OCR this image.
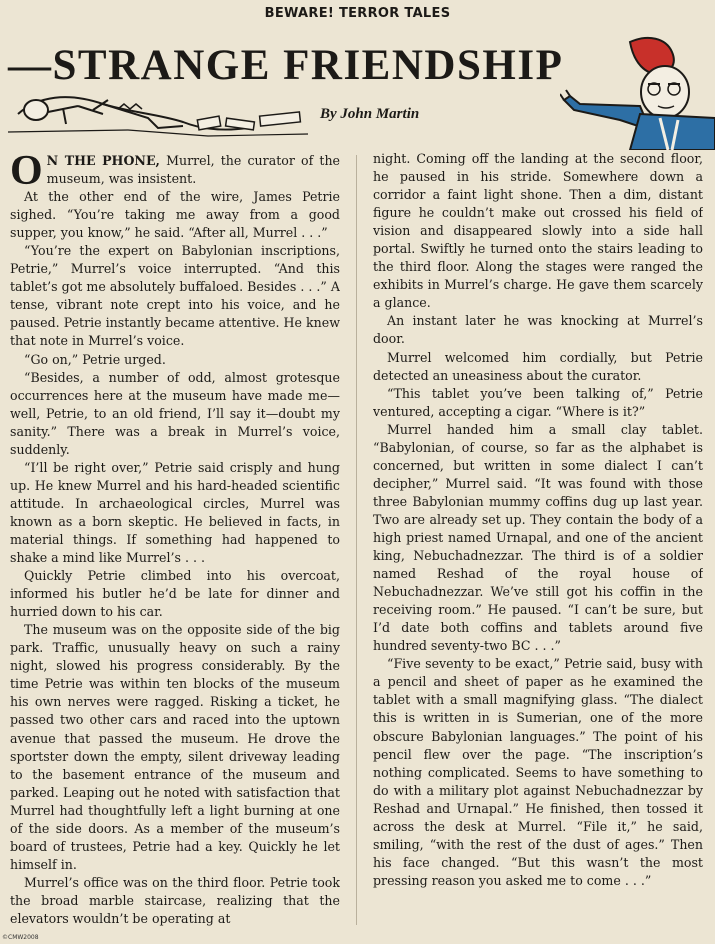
BEWARE! TERROR TALES
—STRANGE FRIENDSHIP
By John Martin

O N THE PHONE, Murrel, the curator of the museum, was insistent.

At the other end of the wire, James Petrie sighed. “You’re taking me away from a good supper, you know,” he said. “After all, Murrel . . .”

“You’re the expert on Babylonian inscriptions, Petrie,” Murrel’s voice interrupted. “And this tablet’s got me absolutely buffaloed. Besides . . .” A tense, vibrant note crept into his voice, and he paused. Petrie instantly became attentive. He knew that note in Murrel’s voice.

“Go on,” Petrie urged.

“Besides, a number of odd, almost grotesque occurrences here at the museum have made me—well, Petrie, to an old friend, I’ll say it—doubt my sanity.” There was a break in Murrel’s voice, suddenly.

“I’ll be right over,” Petrie said crisply and hung up. He knew Murrel and his hard-headed scientific attitude. In archaeological circles, Murrel was known as a born skeptic. He believed in facts, in material things. If something had happened to shake a mind like Murrel’s . . .

Quickly Petrie climbed into his overcoat, informed his butler he’d be late for dinner and hurried down to his car.

The museum was on the opposite side of the big park. Traffic, unusually heavy on such a rainy night, slowed his progress considerably. By the time Petrie was within ten blocks of the museum his own nerves were ragged. Risking a ticket, he passed two other cars and raced into the uptown avenue that passed the museum. He drove the sportster down the empty, silent driveway leading to the basement entrance of the museum and parked. Leaping out he noted with satisfaction that Murrel had thoughtfully left a light burning at one of the side doors. As a member of the museum’s board of trustees, Petrie had a key. Quickly he let himself in.

Murrel’s office was on the third floor. Petrie took the broad marble staircase, realizing that the elevators wouldn’t be operating at

night. Coming off the landing at the second floor, he paused in his stride. Somewhere down a corridor a faint light shone. Then a dim, distant figure he couldn’t make out crossed his field of vision and disappeared slowly into a side hall portal. Swiftly he turned onto the stairs leading to the third floor. Along the stages were ranged the exhibits in Murrel’s charge. He gave them scarcely a glance.

An instant later he was knocking at Murrel’s door.

Murrel welcomed him cordially, but Petrie detected an uneasiness about the curator.

“This tablet you’ve been talking of,” Petrie ventured, accepting a cigar. “Where is it?”

Murrel handed him a small clay tablet. “Babylonian, of course, so far as the alphabet is concerned, but written in some dialect I can’t decipher,” Murrel said. “It was found with those three Babylonian mummy coffins dug up last year. Two are already set up. They contain the body of a high priest named Urnapal, and one of the ancient king, Nebuchadnezzar. The third is of a soldier named Reshad of the royal house of Nebuchadnezzar. We’ve still got his coffin in the receiving room.” He paused. “I can’t be sure, but I’d date both coffins and tablets around five hundred seventy-two BC . . .”

“Five seventy to be exact,” Petrie said, busy with a pencil and sheet of paper as he examined the tablet with a small magnifying glass. “The dialect this is written in is Sumerian, one of the more obscure Babylonian languages.” The point of his pencil flew over the page. “The inscription’s nothing complicated. Seems to have something to do with a military plot against Nebuchadnezzar by Reshad and Urnapal.” He finished, then tossed it across the desk at Murrel. “File it,” he said, smiling, “with the rest of the dust of ages.” Then his face changed. “But this wasn’t the most pressing reason you asked me to come . . .”

©CMW2008
